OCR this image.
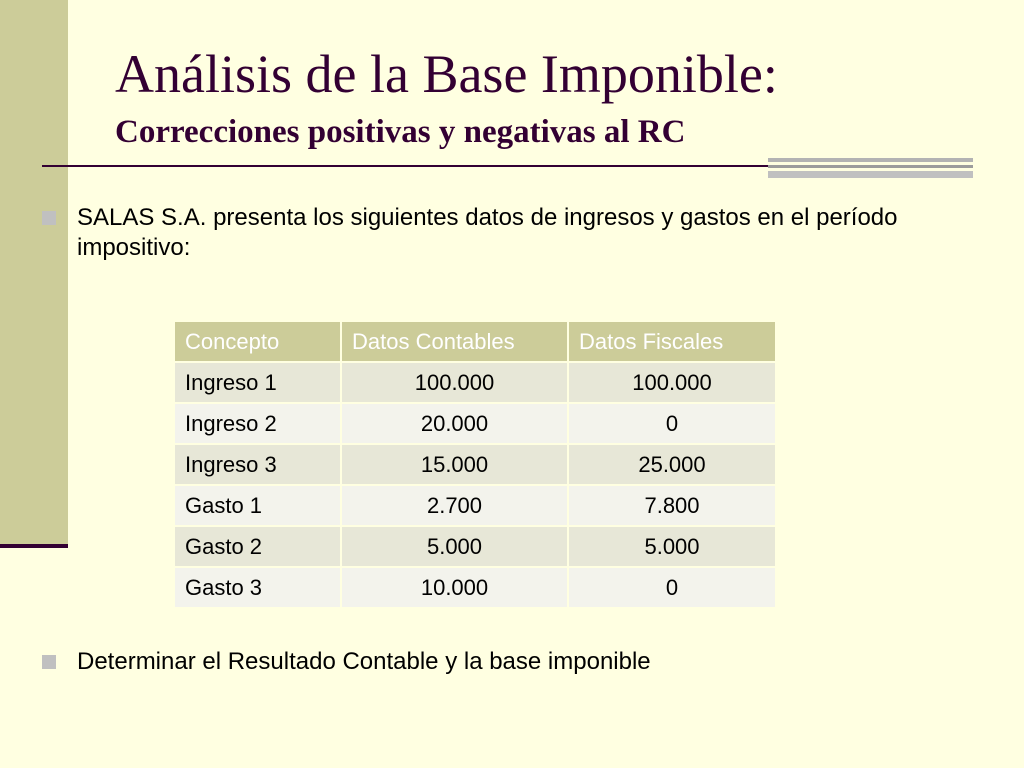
Análisis de la Base Imponible:
Correcciones positivas y negativas al RC

SALAS S.A. presenta los siguientes datos de ingresos y gastos en el período impositivo:

Concepto	Datos Contables	Datos Fiscales
Ingreso 1	100.000	100.000
Ingreso 2	20.000	0
Ingreso 3	15.000	25.000
Gasto 1	2.700	7.800
Gasto 2	5.000	5.000
Gasto 3	10.000	0

Determinar el Resultado Contable y la base imponible
